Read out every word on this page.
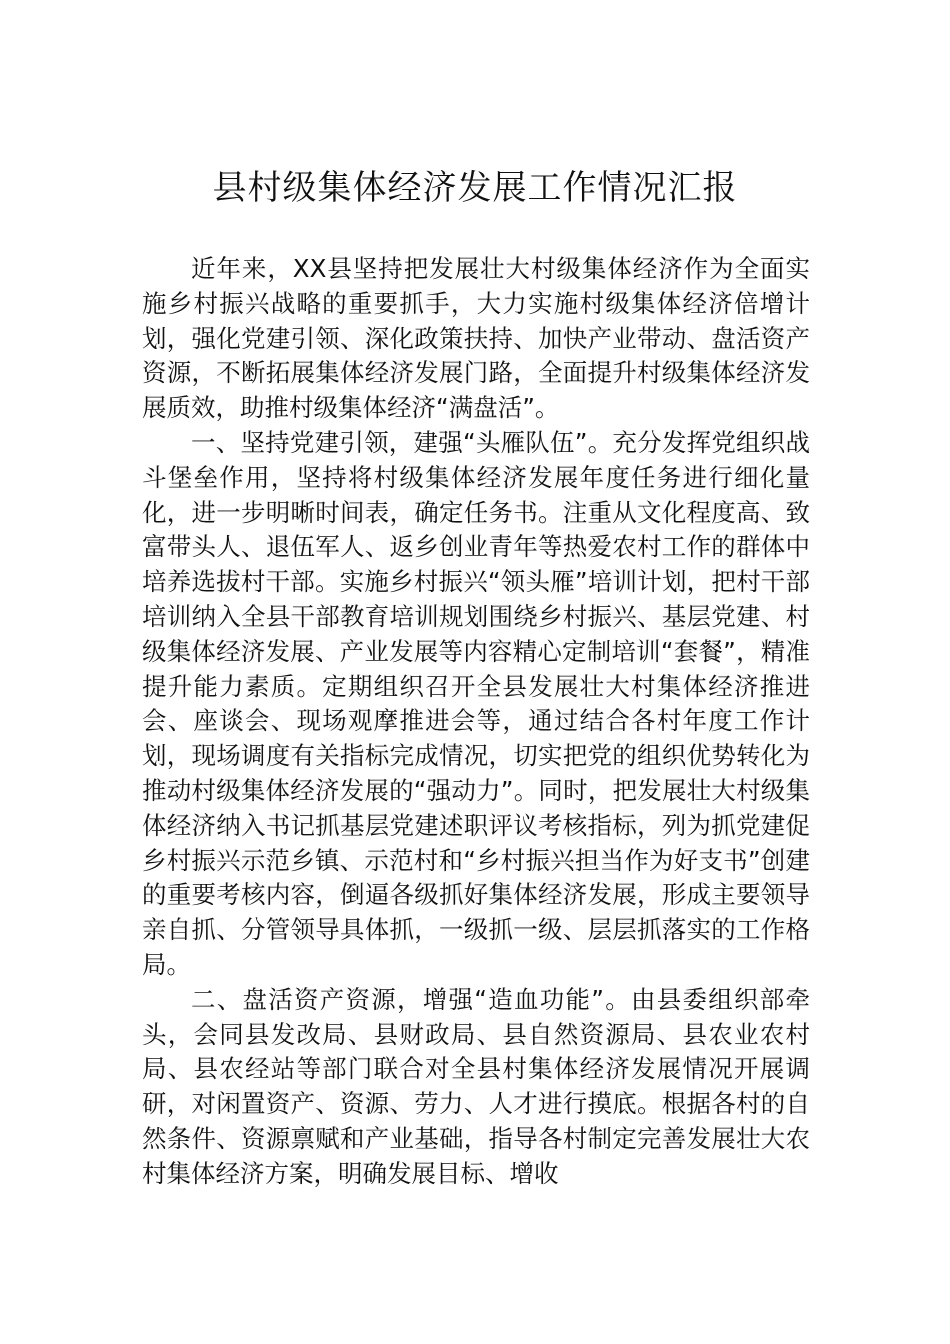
县村级集体经济发展工作情况汇报

近年来，XX县坚持把发展壮大村级集体经济作为全面实施乡村振兴战略的重要抓手，大力实施村级集体经济倍增计划，强化党建引领、深化政策扶持、加快产业带动、盘活资产资源，不断拓展集体经济发展门路，全面提升村级集体经济发展质效，助推村级集体经济“满盘活”。

一、坚持党建引领，建强“头雁队伍”。充分发挥党组织战斗堡垒作用，坚持将村级集体经济发展年度任务进行细化量化，进一步明晰时间表，确定任务书。注重从文化程度高、致富带头人、退伍军人、返乡创业青年等热爱农村工作的群体中培养选拔村干部。实施乡村振兴“领头雁”培训计划，把村干部培训纳入全县干部教育培训规划围绕乡村振兴、基层党建、村级集体经济发展、产业发展等内容精心定制培训“套餐”，精准提升能力素质。定期组织召开全县发展壮大村集体经济推进会、座谈会、现场观摩推进会等，通过结合各村年度工作计划，现场调度有关指标完成情况，切实把党的组织优势转化为推动村级集体经济发展的“强动力”。同时，把发展壮大村级集体经济纳入书记抓基层党建述职评议考核指标，列为抓党建促乡村振兴示范乡镇、示范村和“乡村振兴担当作为好支书”创建的重要考核内容，倒逼各级抓好集体经济发展，形成主要领导亲自抓、分管领导具体抓，一级抓一级、层层抓落实的工作格局。

二、盘活资产资源，增强“造血功能”。由县委组织部牵头，会同县发改局、县财政局、县自然资源局、县农业农村局、县农经站等部门联合对全县村集体经济发展情况开展调研，对闲置资产、资源、劳力、人才进行摸底。根据各村的自然条件、资源禀赋和产业基础，指导各村制定完善发展壮大农村集体经济方案，明确发展目标、增收
